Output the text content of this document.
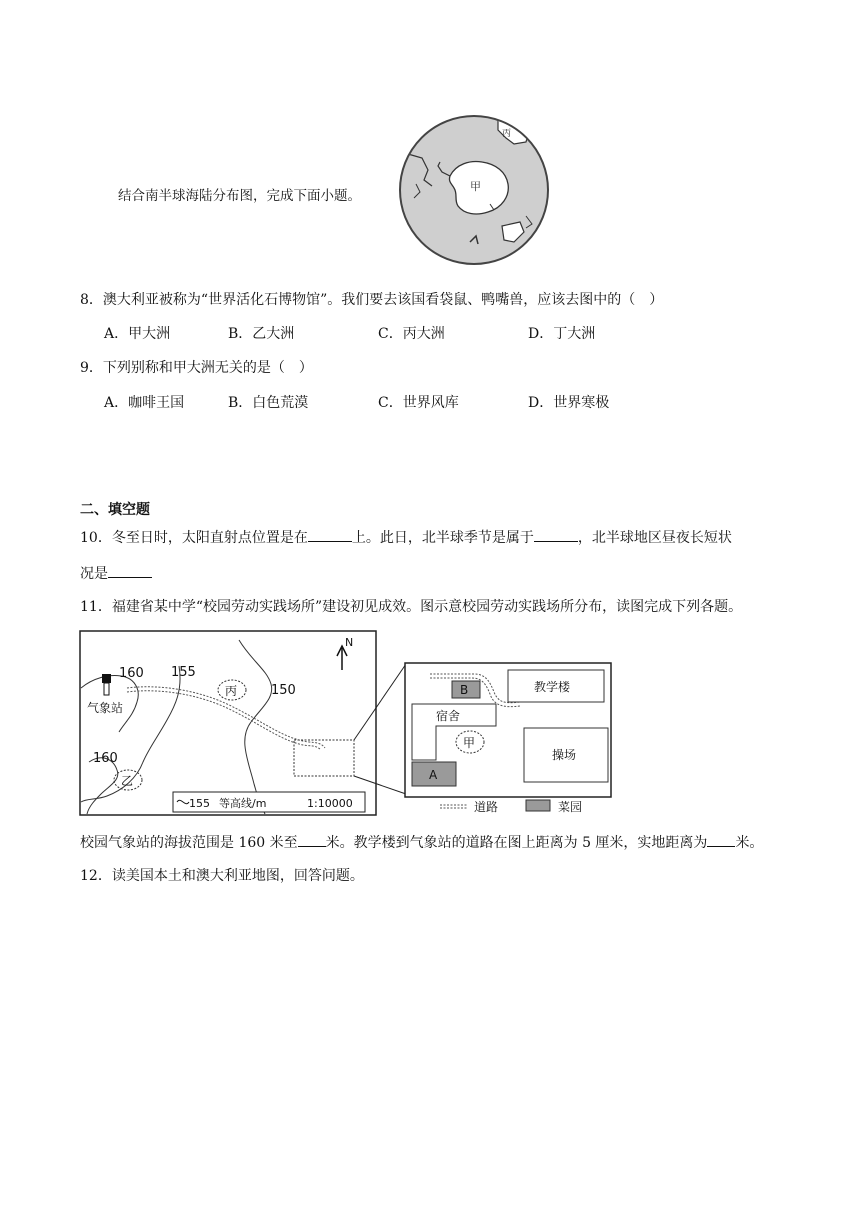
结合南半球海陆分布图，完成下面小题。
甲
丙
8．澳大利亚被称为“世界活化石博物馆”。我们要去该国看袋鼠、鸭嘴兽，应该去图中的（　）
A．甲大洲	B．乙大洲	C．丙大洲	D．丁大洲
9．下列别称和甲大洲无关的是（　）
A．咖啡王国	B．白色荒漠	C．世界风库	D．世界寒极
二、填空题
10．冬至日时，太阳直射点位置是在	上。此日，北半球季节是属于	，北半球地区昼夜长短状
况是
11．福建省某中学“校园劳动实践场所”建设初见成效。图示意校园劳动实践场所分布，读图完成下列各题。
160 155
150
160
气象站
丙
乙
N
155 等高线/m	1:10000
B	教学楼
宿舍
甲
A
操场
道路	菜园
校园气象站的海拔范围是 160 米至 米。教学楼到气象站的道路在图上距离为 5 厘米，实地距离为 米。
12．读美国本土和澳大利亚地图，回答问题。
